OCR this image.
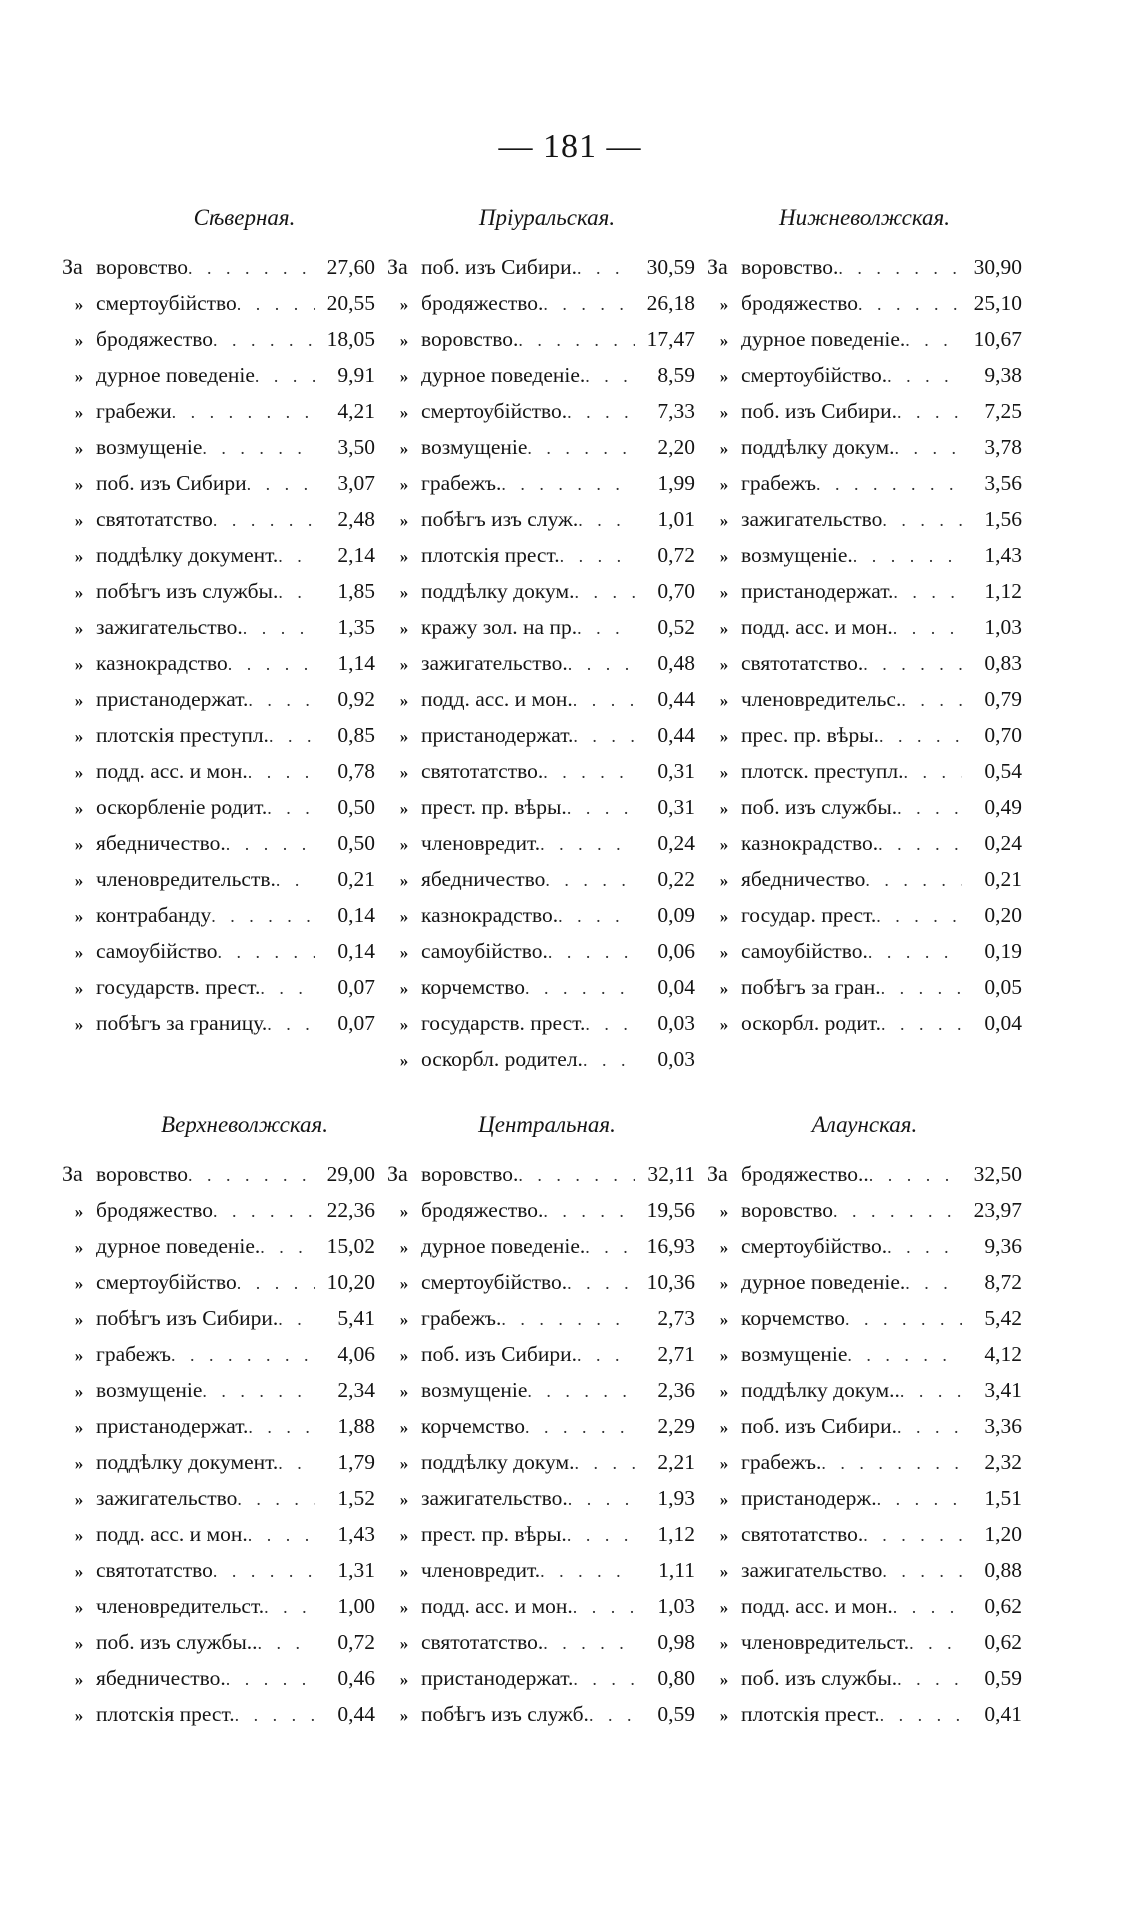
— 181 —
Сѣверная.
За воровство . . .	27,60
» смертоубійство . . .	20,55
» бродяжество . . .	18,05
» дурное поведеніе . . .	9,91
» грабежи . . .	4,21
» возмущеніе . . .	3,50
» поб. изъ Сибири . . .	3,07
» святотатство . . .	2,48
» поддѣлку документ. . . .	2,14
» побѣгъ изъ службы. . . .	1,85
» зажигательство. . . .	1,35
» казнокрадство . . .	1,14
» пристанодержат. . . .	0,92
» плотскія преступл. . . .	0,85
» подд. асс. и мон. . . .	0,78
» оскорбленіе родит. . . .	0,50
» ябедничество. . . .	0,50
» членовредительств. . . .	0,21
» контрабанду . . .	0,14
» самоубійство . . .	0,14
» государств. прест. . . .	0,07
» побѣгъ за границу. . . .	0,07
Пріуральская.
За поб. изъ Сибири. . . .	30,59
» бродяжество. . . .	26,18
» воровство. . . .	17,47
» дурное поведеніе. . . .	8,59
» смертоубійство. . . .	7,33
» возмущеніе . . .	2,20
» грабежъ. . . .	1,99
» побѣгъ изъ служ. . . .	1,01
» плотскія прест. . . .	0,72
» поддѣлку докум. . . .	0,70
» кражу зол. на пр. . . .	0,52
» зажигательство. . . .	0,48
» подд. асс. и мон. . . .	0,44
» пристанодержат. . . .	0,44
» святотатство. . . .	0,31
» прест. пр. вѣры. . . .	0,31
» членовредит. . . .	0,24
» ябедничество . . .	0,22
» казнокрадство. . . .	0,09
» самоубійство. . . .	0,06
» корчемство . . .	0,04
» государств. прест. . . .	0,03
» оскорбл. родител. . . .	0,03
Нижневолжская.
За воровство. . . .	30,90
» бродяжество . . .	25,10
» дурное поведеніе. . . .	10,67
» смертоубійство. . . .	9,38
» поб. изъ Сибири. . . .	7,25
» поддѣлку докум. . . .	3,78
» грабежъ . . .	3,56
» зажигательство . . .	1,56
» возмущеніе. . . .	1,43
» пристанодержат. . . .	1,12
» подд. асс. и мон. . . .	1,03
» святотатство. . . .	0,83
» членовредительс. . . .	0,79
» прес. пр. вѣры. . . .	0,70
» плотск. преступл. . . .	0,54
» поб. изъ службы. . . .	0,49
» казнокрадство. . . .	0,24
» ябедничество . . .	0,21
» государ. прест. . . .	0,20
» самоубійство. . . .	0,19
» побѣгъ за гран. . . .	0,05
» оскорбл. родит. . . .	0,04
Верхневолжская.
За воровство . . .	29,00
» бродяжество . . .	22,36
» дурное поведеніе. . . .	15,02
» смертоубійство . . .	10,20
» побѣгъ изъ Сибири. . . .	5,41
» грабежъ . . .	4,06
» возмущеніе . . .	2,34
» пристанодержат. . . .	1,88
» поддѣлку документ. . . .	1,79
» зажигательство . . .	1,52
» подд. асс. и мон. . . .	1,43
» святотатство . . .	1,31
» членовредительст. . . .	1,00
» поб. изъ службы.. . . .	0,72
» ябедничество. . . .	0,46
» плотскія прест. . . .	0,44
Центральная.
За воровство. . . .	32,11
» бродяжество. . . .	19,56
» дурное поведеніе. . . .	16,93
» смертоубійство. . . .	10,36
» грабежъ. . . .	2,73
» поб. изъ Сибири. . . .	2,71
» возмущеніе . . .	2,36
» корчемство . . .	2,29
» поддѣлку докум. . . .	2,21
» зажигательство. . . .	1,93
» прест. пр. вѣры. . . .	1,12
» членовредит. . . .	1,11
» подд. асс. и мон. . . .	1,03
» святотатство. . . .	0,98
» пристанодержат. . . .	0,80
» побѣгъ изъ служб. . . .	0,59
Алаунская.
За бродяжество.. . . .	32,50
» воровство . . .	23,97
» смертоубійство. . . .	9,36
» дурное поведеніе. . . .	8,72
» корчемство . . .	5,42
» возмущеніе . . .	4,12
» поддѣлку докум.. . . .	3,41
» поб. изъ Сибири. . . .	3,36
» грабежъ. . . .	2,32
» пристанодерж. . . .	1,51
» святотатство. . . .	1,20
» зажигательство . . .	0,88
» подд. асс. и мон. . . .	0,62
» членовредительст. . . .	0,62
» поб. изъ службы. . . .	0,59
» плотскія прест. . . .	0,41
